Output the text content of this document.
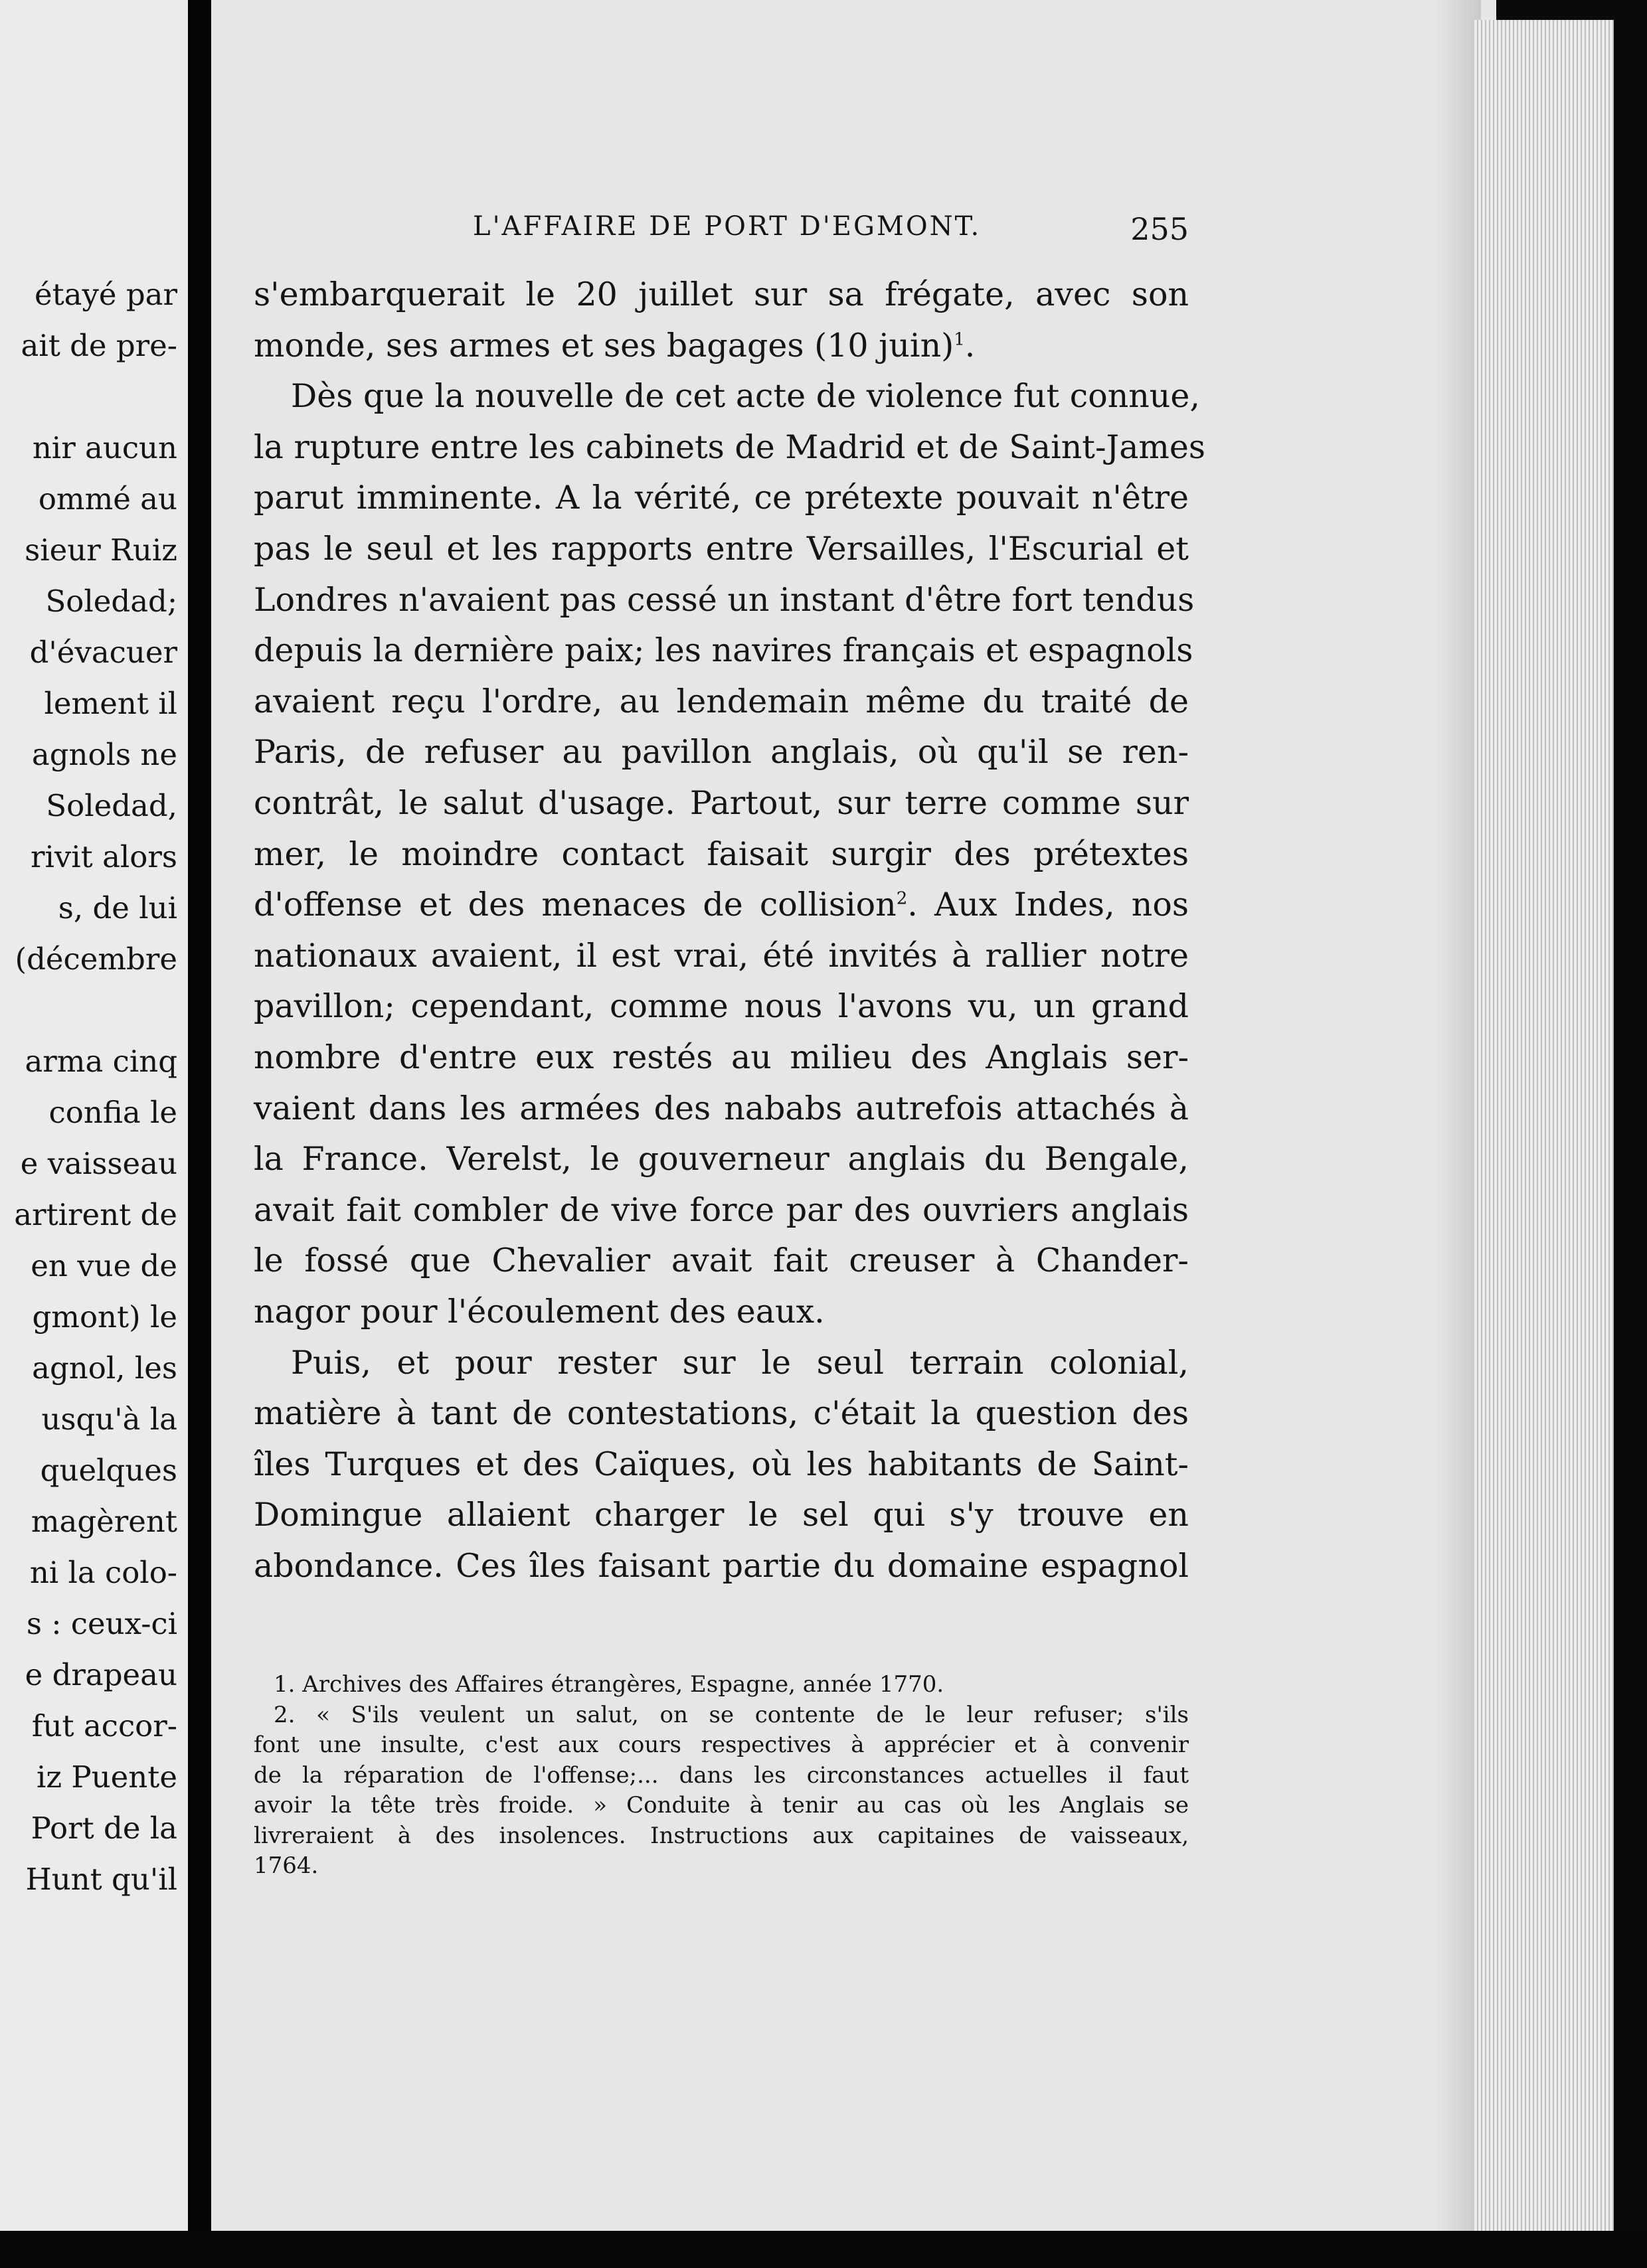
étayé par
ait de pre-
nir aucun
ommé au
sieur Ruiz
Soledad;
d'évacuer
lement il
agnols ne
Soledad,
rivit alors
s, de lui
(décembre
arma cinq
confia le
e vaisseau
artirent de
en vue de
gmont) le
agnol, les
usqu'à la
quelques
magèrent
ni la colo-
s : ceux-ci
e drapeau
fut accor-
iz Puente
Port de la
Hunt qu'il
L'AFFAIRE DE PORT D'EGMONT.	255
s'embarquerait le 20 juillet sur sa frégate, avec son
monde, ses armes et ses bagages (10 juin)$^1$.
Dès que la nouvelle de cet acte de violence fut connue,
la rupture entre les cabinets de Madrid et de Saint-James
parut imminente. A la vérité, ce prétexte pouvait n'être
pas le seul et les rapports entre Versailles, l'Escurial et
Londres n'avaient pas cessé un instant d'être fort tendus
depuis la dernière paix; les navires français et espagnols
avaient reçu l'ordre, au lendemain même du traité de
Paris, de refuser au pavillon anglais, où qu'il se ren-
contrât, le salut d'usage. Partout, sur terre comme sur
mer, le moindre contact faisait surgir des prétextes
d'offense et des menaces de collision$^2$. Aux Indes, nos
nationaux avaient, il est vrai, été invités à rallier notre
pavillon; cependant, comme nous l'avons vu, un grand
nombre d'entre eux restés au milieu des Anglais ser-
vaient dans les armées des nababs autrefois attachés à
la France. Verelst, le gouverneur anglais du Bengale,
avait fait combler de vive force par des ouvriers anglais
le fossé que Chevalier avait fait creuser à Chander-
nagor pour l'écoulement des eaux.
Puis, et pour rester sur le seul terrain colonial,
matière à tant de contestations, c'était la question des
îles Turques et des Caïques, où les habitants de Saint-
Domingue allaient charger le sel qui s'y trouve en
abondance. Ces îles faisant partie du domaine espagnol
1. Archives des Affaires étrangères, Espagne, année 1770.
2. « S'ils veulent un salut, on se contente de le leur refuser; s'ils
font une insulte, c'est aux cours respectives à apprécier et à convenir
de la réparation de l'offense;... dans les circonstances actuelles il faut
avoir la tête très froide. » Conduite à tenir au cas où les Anglais se
livreraient à des insolences. Instructions aux capitaines de vaisseaux,
1764.
